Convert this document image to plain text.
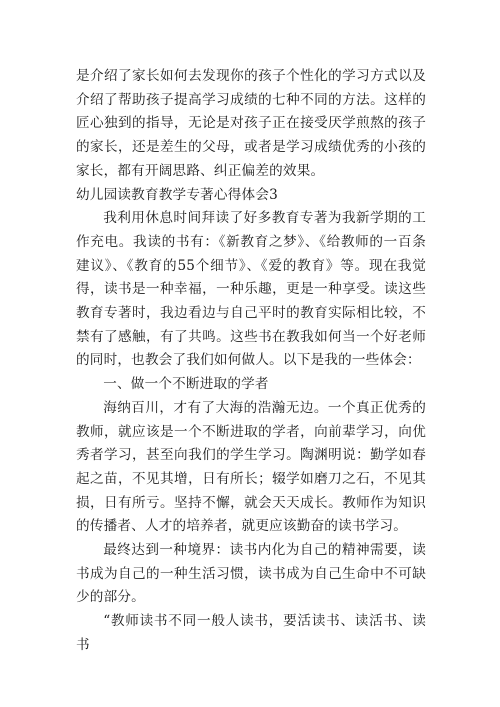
是介绍了家长如何去发现你的孩子个性化的学习方式以及介绍了帮助孩子提高学习成绩的七种不同的方法。这样的匠心独到的指导，无论是对孩子正在接受厌学煎熬的孩子的家长，还是差生的父母，或者是学习成绩优秀的小孩的家长，都有开阔思路、纠正偏差的效果。

幼儿园读教育教学专著心得体会3

我利用休息时间拜读了好多教育专著为我新学期的工作充电。我读的书有：《新教育之梦》、《给教师的一百条建议》、《教育的55个细节》、《爱的教育》等。现在我觉得，读书是一种幸福，一种乐趣，更是一种享受。读这些教育专著时，我边看边与自己平时的教育实际相比较，不禁有了感触，有了共鸣。这些书在教我如何当一个好老师的同时，也教会了我们如何做人。以下是我的一些体会：

一、做一个不断进取的学者

海纳百川，才有了大海的浩瀚无边。一个真正优秀的教师，就应该是一个不断进取的学者，向前辈学习，向优秀者学习，甚至向我们的学生学习。陶渊明说：勤学如春起之苗，不见其增，日有所长；辍学如磨刀之石，不见其损，日有所亏。坚持不懈，就会天天成长。教师作为知识的传播者、人才的培养者，就更应该勤奋的读书学习。

最终达到一种境界：读书内化为自己的精神需要，读书成为自己的一种生活习惯，读书成为自己生命中不可缺少的部分。

“教师读书不同一般人读书，要活读书、读活书、读书
